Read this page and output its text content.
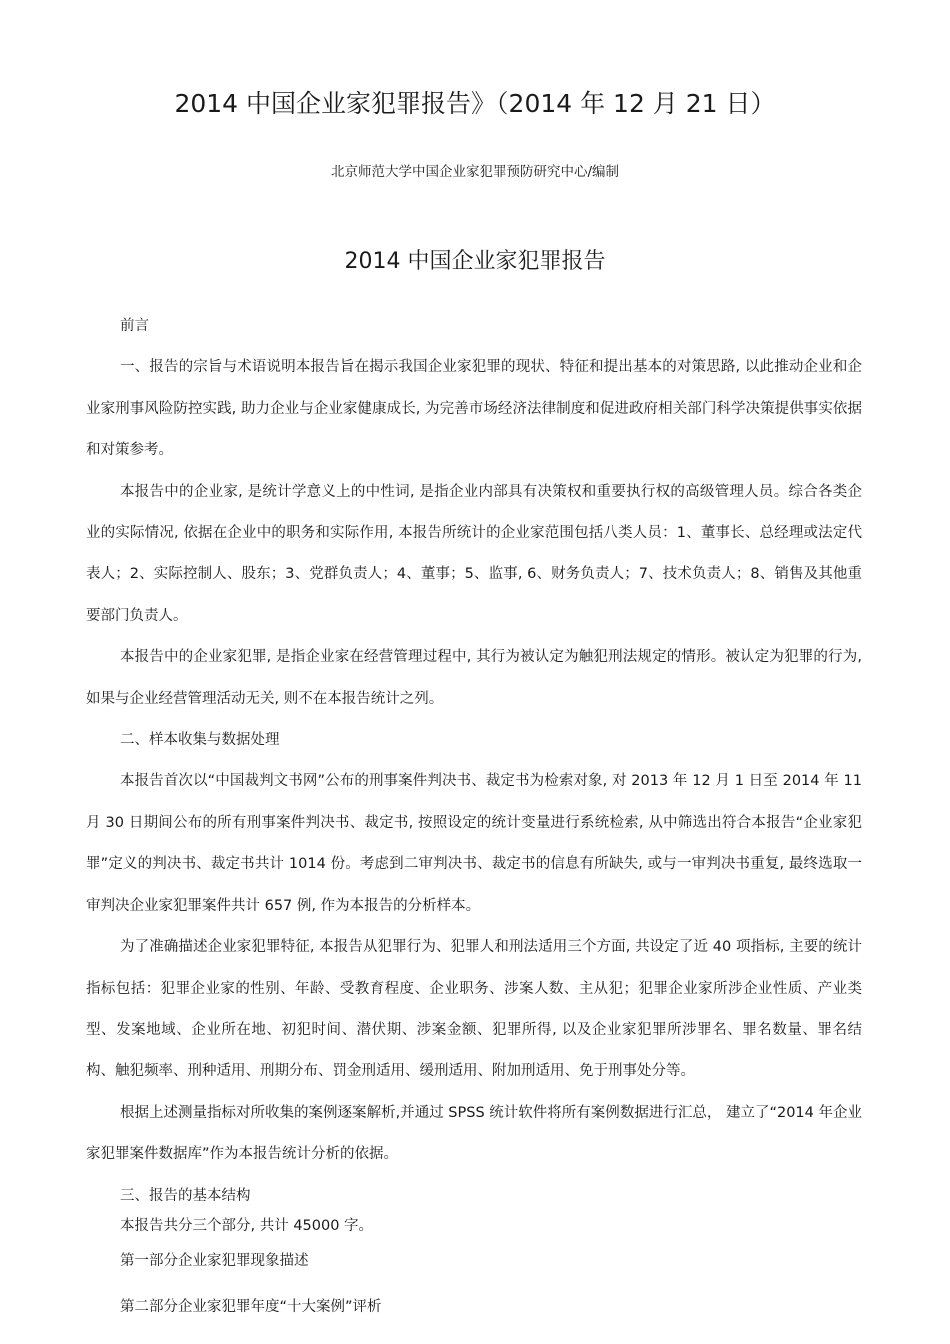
2014 中国企业家犯罪报告》（2014 年 12 月 21 日）

北京师范大学中国企业家犯罪预防研究中心/编制

2014 中国企业家犯罪报告

前言

一、报告的宗旨与术语说明本报告旨在揭示我国企业家犯罪的现状、特征和提出基本的对策思路, 以此推动企业和企业家刑事风险防控实践, 助力企业与企业家健康成长, 为完善市场经济法律制度和促进政府相关部门科学决策提供事实依据和对策参考。

本报告中的企业家, 是统计学意义上的中性词, 是指企业内部具有决策权和重要执行权的高级管理人员。综合各类企业的实际情况, 依据在企业中的职务和实际作用, 本报告所统计的企业家范围包括八类人员：1、董事长、总经理或法定代表人；2、实际控制人、股东；3、党群负责人；4、董事；5、监事, 6、财务负责人；7、技术负责人；8、销售及其他重要部门负责人。

本报告中的企业家犯罪, 是指企业家在经营管理过程中, 其行为被认定为触犯刑法规定的情形。被认定为犯罪的行为, 如果与企业经营管理活动无关, 则不在本报告统计之列。

二、样本收集与数据处理

本报告首次以“中国裁判文书网”公布的刑事案件判决书、裁定书为检索对象, 对 2013 年 12 月 1 日至 2014 年 11 月 30 日期间公布的所有刑事案件判决书、裁定书, 按照设定的统计变量进行系统检索, 从中筛选出符合本报告“企业家犯罪”定义的判决书、裁定书共计 1014 份。考虑到二审判决书、裁定书的信息有所缺失, 或与一审判决书重复, 最终选取一审判决企业家犯罪案件共计 657 例, 作为本报告的分析样本。

为了准确描述企业家犯罪特征, 本报告从犯罪行为、犯罪人和刑法适用三个方面, 共设定了近 40 项指标, 主要的统计指标包括：犯罪企业家的性别、年龄、受教育程度、企业职务、涉案人数、主从犯；犯罪企业家所涉企业性质、产业类型、发案地域、企业所在地、初犯时间、潜伏期、涉案金额、犯罪所得, 以及企业家犯罪所涉罪名、罪名数量、罪名结构、触犯频率、刑种适用、刑期分布、罚金刑适用、缓刑适用、附加刑适用、免于刑事处分等。

根据上述测量指标对所收集的案例逐案解析,并通过 SPSS 统计软件将所有案例数据进行汇总， 建立了“2014 年企业家犯罪案件数据库”作为本报告统计分析的依据。

三、报告的基本结构

本报告共分三个部分, 共计 45000 字。

第一部分企业家犯罪现象描述

第二部分企业家犯罪年度“十大案例”评析
